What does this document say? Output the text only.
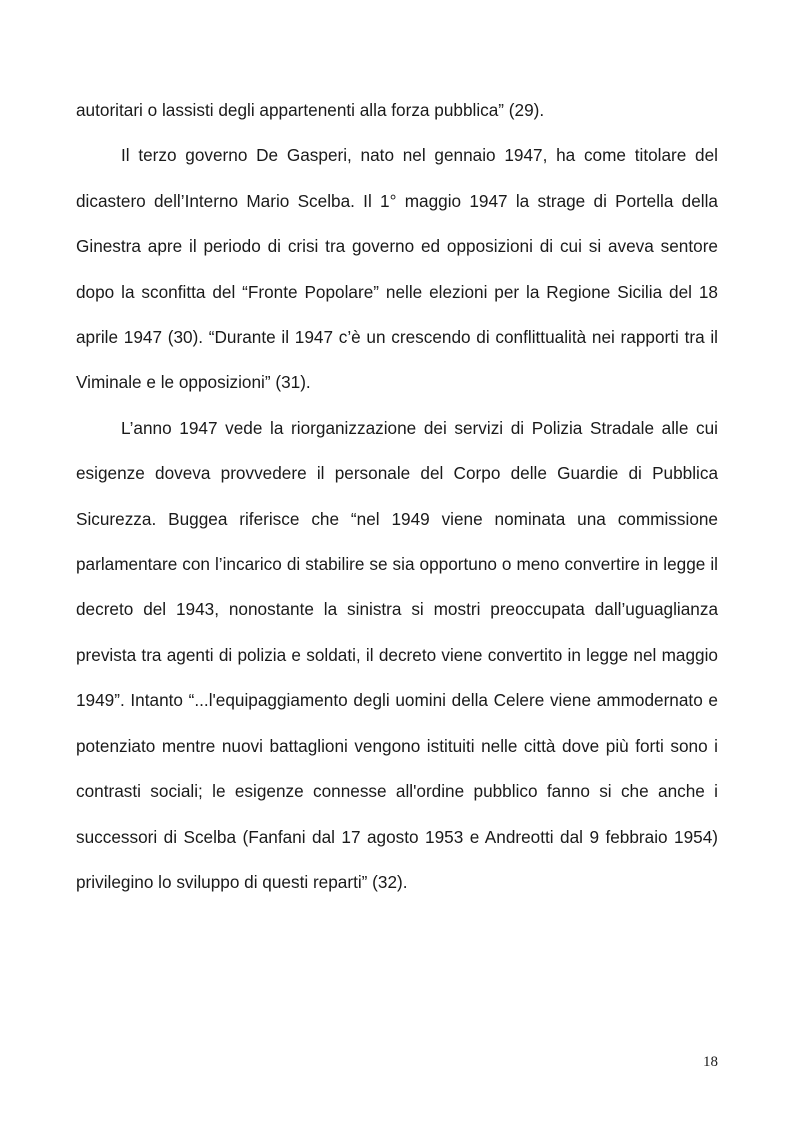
autoritari o lassisti degli appartenenti alla forza pubblica” (29).

Il terzo governo De Gasperi, nato nel gennaio 1947, ha come titolare del dicastero dell’Interno Mario Scelba. Il 1° maggio 1947 la strage di Portella della Ginestra apre il periodo di crisi tra governo ed opposizioni di cui si aveva sentore dopo la sconfitta del “Fronte Popolare” nelle elezioni per la Regione Sicilia del 18 aprile 1947 (30). “Durante il 1947 c’è un crescendo di conflittualità nei rapporti tra il Viminale e le opposizioni” (31).

L’anno 1947 vede la riorganizzazione dei servizi di Polizia Stradale alle cui esigenze doveva provvedere il personale del Corpo delle Guardie di Pubblica Sicurezza. Buggea riferisce che “nel 1949 viene nominata una commissione parlamentare con l’incarico di stabilire se sia opportuno o meno convertire in legge il decreto del 1943, nonostante la sinistra si mostri preoccupata dall’uguaglianza prevista tra agenti di polizia e soldati, il decreto viene convertito in legge nel maggio 1949”. Intanto “...l'equipaggiamento degli uomini della Celere viene ammodernato e potenziato mentre nuovi battaglioni vengono istituiti nelle città dove più forti sono i contrasti sociali; le esigenze connesse all'ordine pubblico fanno si che anche i successori di Scelba (Fanfani dal 17 agosto 1953 e Andreotti dal 9 febbraio 1954) privilegino lo sviluppo di questi reparti” (32).

18
